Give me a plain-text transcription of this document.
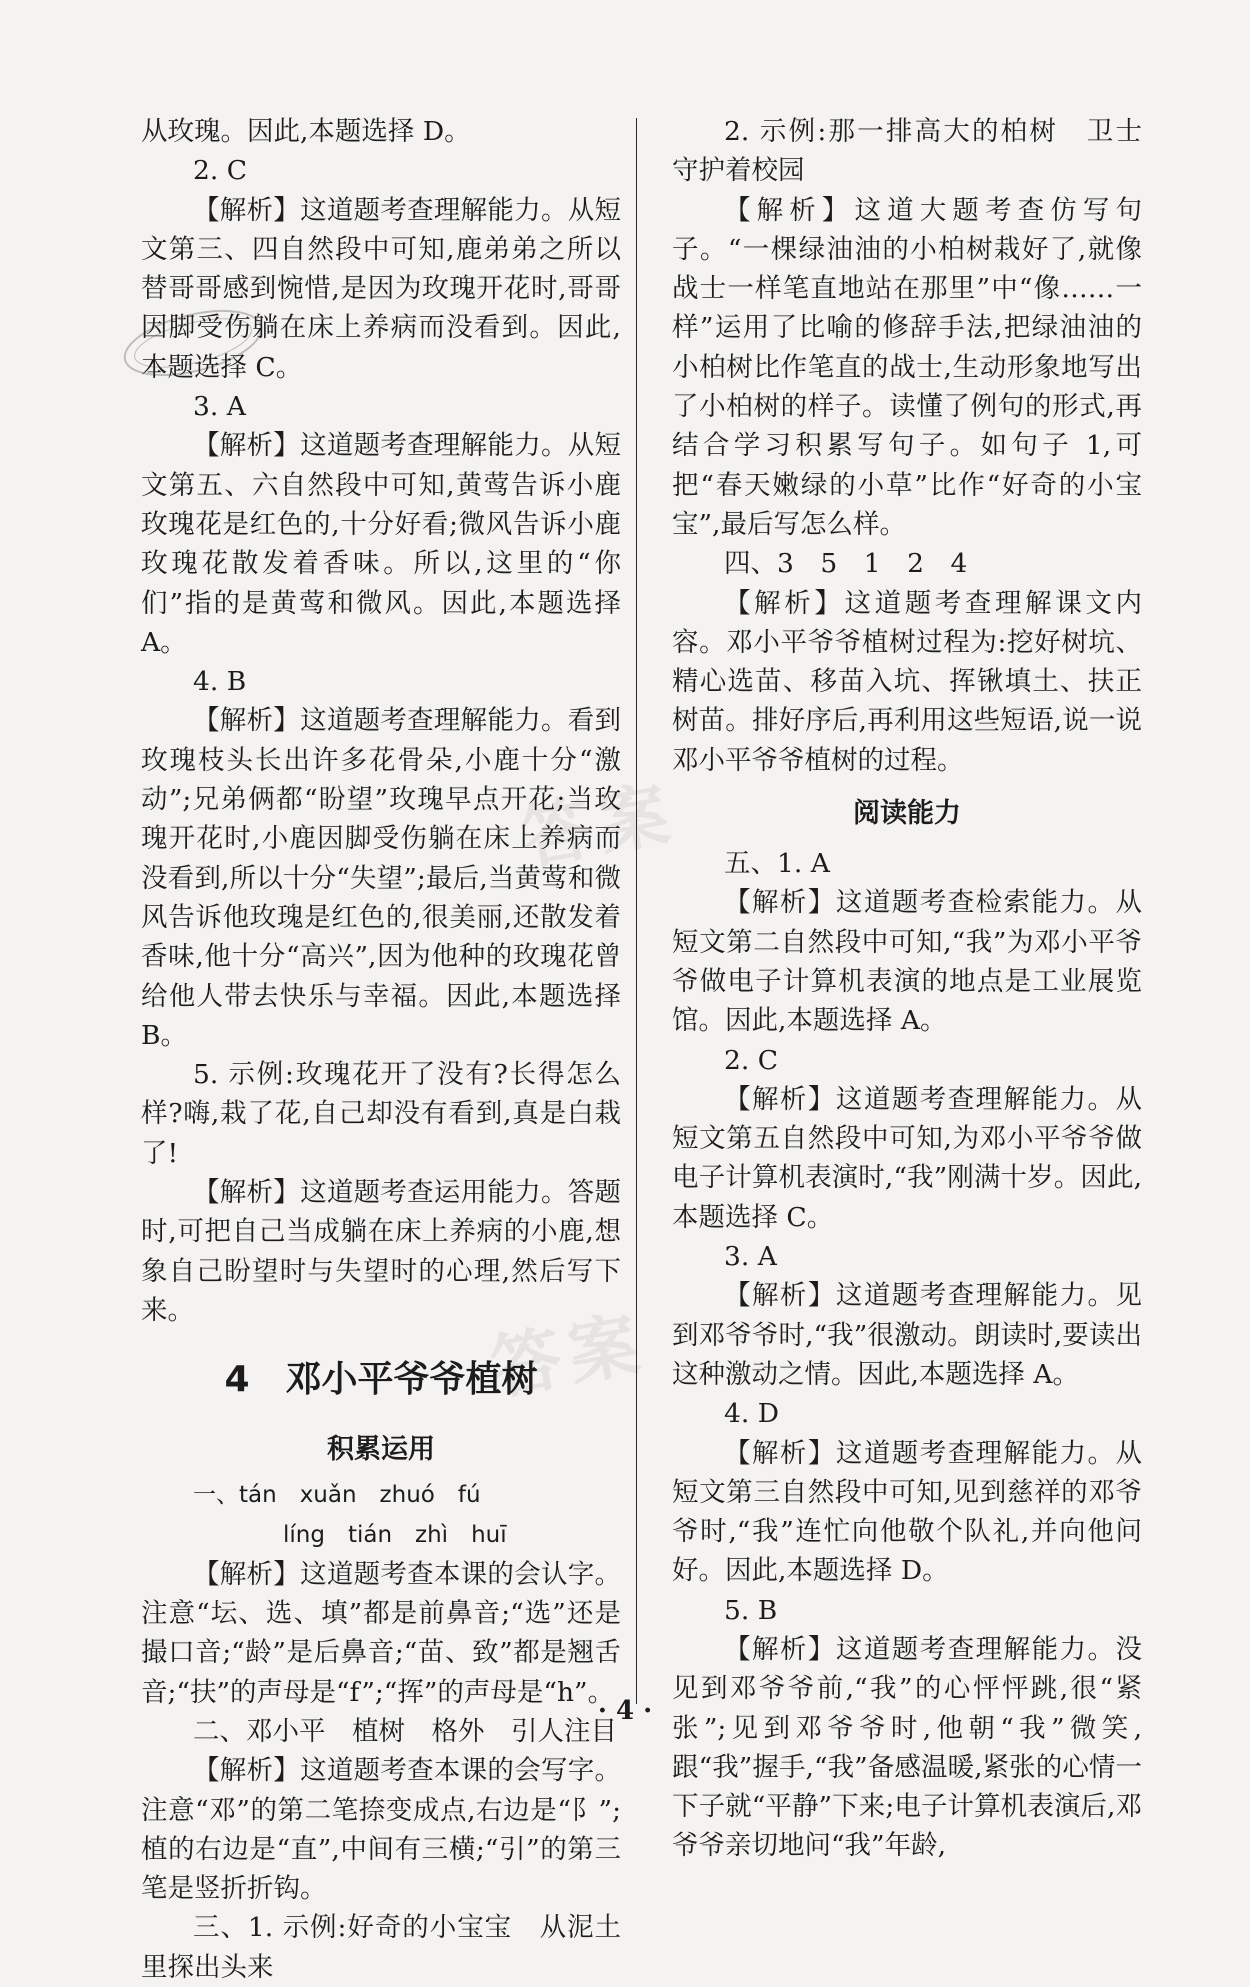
答案
答案

从玫瑰。因此,本题选择 D。

2. C

【解析】这道题考查理解能力。从短文第三、四自然段中可知,鹿弟弟之所以替哥哥感到惋惜,是因为玫瑰开花时,哥哥因脚受伤躺在床上养病而没看到。因此,本题选择 C。

3. A

【解析】这道题考查理解能力。从短文第五、六自然段中可知,黄莺告诉小鹿玫瑰花是红色的,十分好看;微风告诉小鹿玫瑰花散发着香味。所以,这里的“你们”指的是黄莺和微风。因此,本题选择 A。

4. B

【解析】这道题考查理解能力。看到玫瑰枝头长出许多花骨朵,小鹿十分“激动”;兄弟俩都“盼望”玫瑰早点开花;当玫瑰开花时,小鹿因脚受伤躺在床上养病而没看到,所以十分“失望”;最后,当黄莺和微风告诉他玫瑰是红色的,很美丽,还散发着香味,他十分“高兴”,因为他种的玫瑰花曾给他人带去快乐与幸福。因此,本题选择 B。

5. 示例:玫瑰花开了没有?长得怎么样?嗨,栽了花,自己却没有看到,真是白栽了!

【解析】这道题考查运用能力。答题时,可把自己当成躺在床上养病的小鹿,想象自己盼望时与失望时的心理,然后写下来。

4　邓小平爷爷植树
积累运用

一、tán　xuǎn　zhuó　fú

líng　tián　zhì　huī

【解析】这道题考查本课的会认字。注意“坛、选、填”都是前鼻音;“选”还是撮口音;“龄”是后鼻音;“苗、致”都是翘舌音;“扶”的声母是“f”;“挥”的声母是“h”。

二、邓小平　植树　格外　引人注目

【解析】这道题考查本课的会写字。注意“邓”的第二笔捺变成点,右边是“阝”;植的右边是“直”,中间有三横;“引”的第三笔是竖折折钩。

三、1. 示例:好奇的小宝宝　从泥土里探出头来

2. 示例:那一排高大的柏树　卫士　守护着校园

【解析】这道大题考查仿写句子。“一棵绿油油的小柏树栽好了,就像战士一样笔直地站在那里”中“像……一样”运用了比喻的修辞手法,把绿油油的小柏树比作笔直的战士,生动形象地写出了小柏树的样子。读懂了例句的形式,再结合学习积累写句子。如句子 1,可把“春天嫩绿的小草”比作“好奇的小宝宝”,最后写怎么样。

四、3　5　1　2　4

【解析】这道题考查理解课文内容。邓小平爷爷植树过程为:挖好树坑、精心选苗、移苗入坑、挥锹填土、扶正树苗。排好序后,再利用这些短语,说一说邓小平爷爷植树的过程。

阅读能力

五、1. A

【解析】这道题考查检索能力。从短文第二自然段中可知,“我”为邓小平爷爷做电子计算机表演的地点是工业展览馆。因此,本题选择 A。

2. C

【解析】这道题考查理解能力。从短文第五自然段中可知,为邓小平爷爷做电子计算机表演时,“我”刚满十岁。因此,本题选择 C。

3. A

【解析】这道题考查理解能力。见到邓爷爷时,“我”很激动。朗读时,要读出这种激动之情。因此,本题选择 A。

4. D

【解析】这道题考查理解能力。从短文第三自然段中可知,见到慈祥的邓爷爷时,“我”连忙向他敬个队礼,并向他问好。因此,本题选择 D。

5. B

【解析】这道题考查理解能力。没见到邓爷爷前,“我”的心怦怦跳,很“紧张”;见到邓爷爷时,他朝“我”微笑,跟“我”握手,“我”备感温暖,紧张的心情一下子就“平静”下来;电子计算机表演后,邓爷爷亲切地问“我”年龄,

· 4 ·
